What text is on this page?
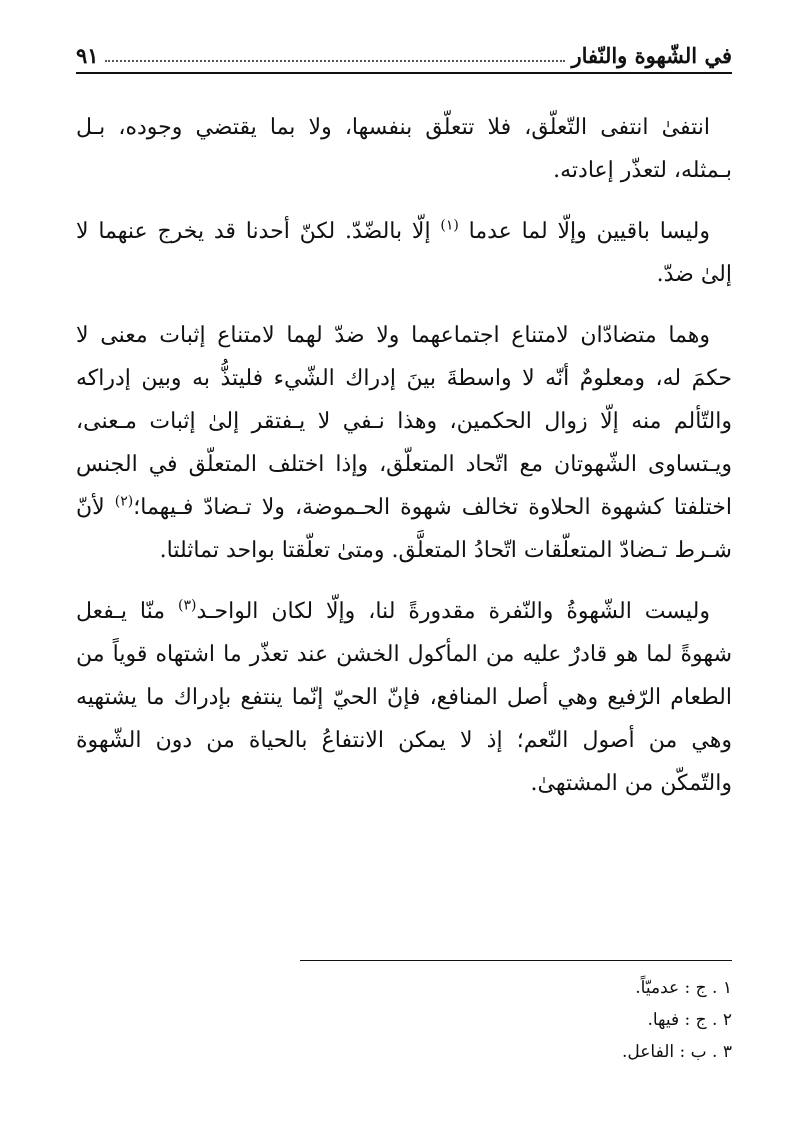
في الشّهوة والنّفار
٩١

انتفىٰ انتفى التّعلّق، فلا تتعلّق بنفسها، ولا بما يقتضي وجوده، بـل بـمثله، لتعذّر إعادته.

وليسا باقيين وإلّا لما عدما $^{(١)}$ إلّا بالضّدّ. لكنّ أحدنا قد يخرج عنهما لا إلىٰ ضدّ.

وهما متضادّان لامتناع اجتماعهما ولا ضدّ لهما لامتناع إثبات معنى لا حكمَ له، ومعلومٌ أنّه لا واسطةَ بينَ إدراك الشّيء فليتذُّ به وبين إدراكه والتّألم منه إلّا زوال الحكمين، وهذا نـفي لا يـفتقر إلىٰ إثبات مـعنى، ويـتساوى الشّهوتان مع اتّحاد المتعلّق، وإذا اختلف المتعلّق في الجنس اختلفتا كشهوة الحلاوة تخالف شهوة الحـموضة، ولا تـضادّ فـيهما؛$^{(٢)}$ لأنّ شـرط تـضادّ المتعلّقات اتّحادُ المتعلَّق. ومتىٰ تعلّقتا بواحد تماثلتا.

وليست الشّهوةُ والنّفرة مقدورةً لنا، وإلّا لكان الواحـد$^{(٣)}$ منّا يـفعل شهوةً لما هو قادرٌ عليه من المأكول الخشن عند تعذّر ما اشتهاه قوياً من الطعام الرّفيع وهي أصل المنافع، فإنّ الحيّ إنّما ينتفع بإدراك ما يشتهيه وهي من أصول النّعم؛ إذ لا يمكن الانتفاعُ بالحياة من دون الشّهوة والتّمكّن من المشتهىٰ.

١ . ج : عدميّاً.
٢ . ج : فيها.
٣ . ب : الفاعل.
